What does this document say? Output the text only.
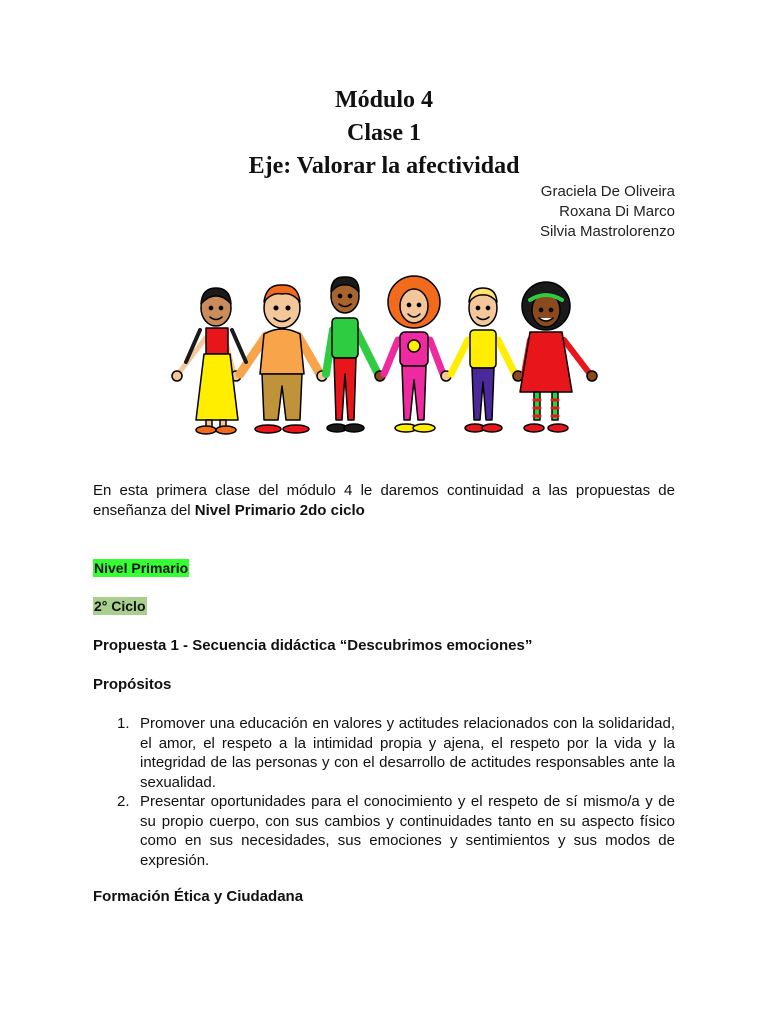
Módulo 4
Clase 1
Eje: Valorar la afectividad
Graciela De Oliveira
Roxana Di Marco
Silvia Mastrolorenzo
En esta primera clase del módulo 4 le daremos continuidad a las propuestas de enseñanza del Nivel Primario 2do ciclo
Nivel Primario
2° Ciclo
Propuesta 1 - Secuencia didáctica “Descubrimos emociones”
Propósitos
1. Promover una educación en valores y actitudes relacionados con la solidaridad, el amor, el respeto a la intimidad propia y ajena, el respeto por la vida y la integridad de las personas y con el desarrollo de actitudes responsables ante la sexualidad.
2. Presentar oportunidades para el conocimiento y el respeto de sí mismo/a y de su propio cuerpo, con sus cambios y continuidades tanto en su aspecto físico como en sus necesidades, sus emociones y sentimientos y sus modos de expresión.
Formación Ética y Ciudadana
